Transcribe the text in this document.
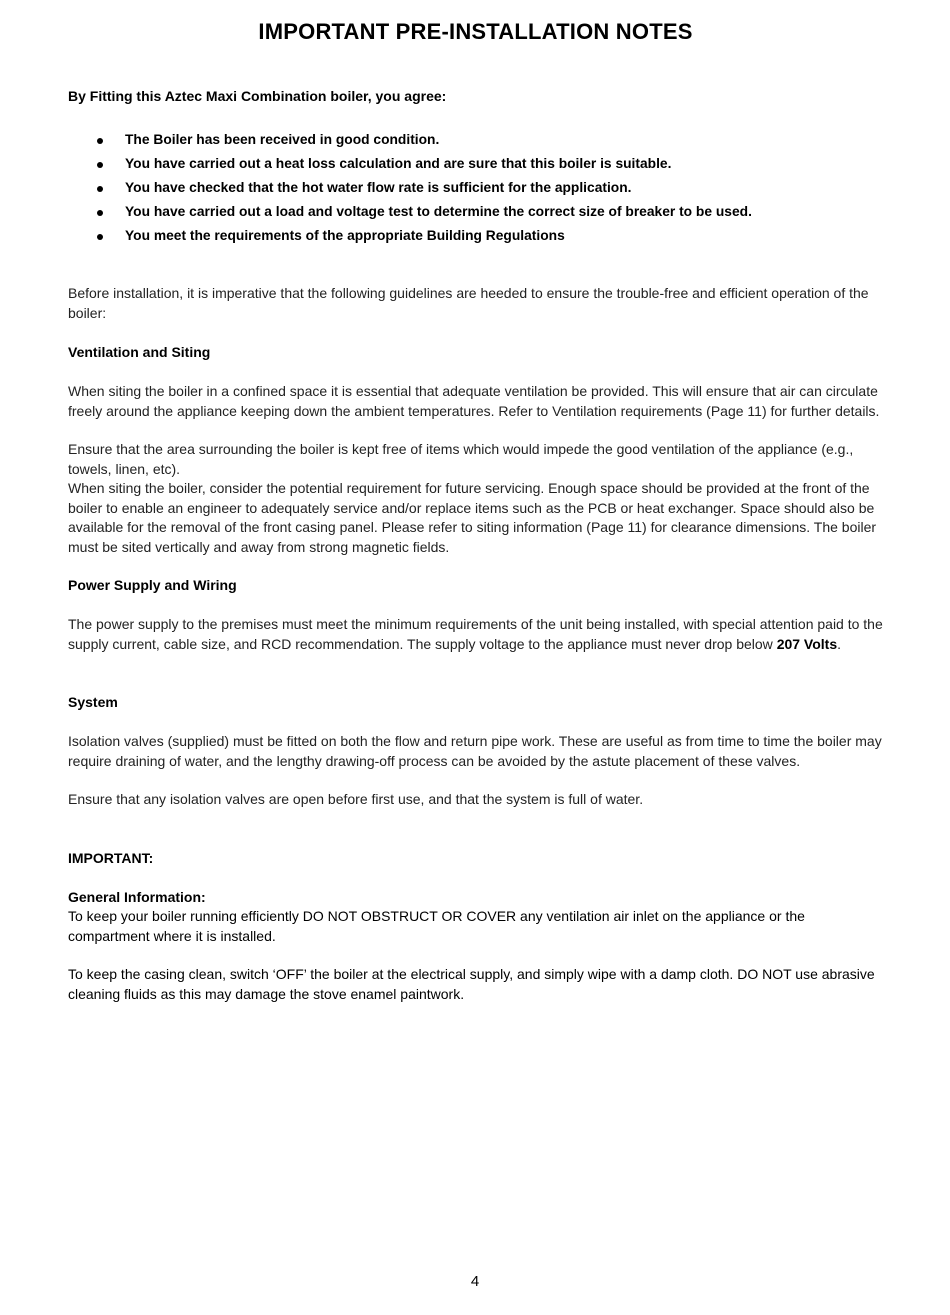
IMPORTANT PRE-INSTALLATION NOTES

By Fitting this Aztec Maxi Combination boiler, you agree:

The Boiler has been received in good condition.
You have carried out a heat loss calculation and are sure that this boiler is suitable.
You have checked that the hot water flow rate is sufficient for the application.
You have carried out a load and voltage test to determine the correct size of breaker to be used.
You meet the requirements of the appropriate Building Regulations

Before installation, it is imperative that the following guidelines are heeded to ensure the trouble-free and efficient operation of the boiler:

Ventilation and Siting

When siting the boiler in a confined space it is essential that adequate ventilation be provided. This will ensure that air can circulate freely around the appliance keeping down the ambient temperatures. Refer to Ventilation requirements (Page 11) for further details.

Ensure that the area surrounding the boiler is kept free of items which would impede the good ventilation of the appliance (e.g., towels, linen, etc).

When siting the boiler, consider the potential requirement for future servicing. Enough space should be provided at the front of the boiler to enable an engineer to adequately service and/or replace items such as the PCB or heat exchanger. Space should also be available for the removal of the front casing panel. Please refer to siting information (Page 11) for clearance dimensions. The boiler must be sited vertically and away from strong magnetic fields.

Power Supply and Wiring

The power supply to the premises must meet the minimum requirements of the unit being installed, with special attention paid to the supply current, cable size, and RCD recommendation. The supply voltage to the appliance must never drop below 207 Volts.

System

Isolation valves (supplied) must be fitted on both the flow and return pipe work. These are useful as from time to time the boiler may require draining of water, and the lengthy drawing-off process can be avoided by the astute placement of these valves.

Ensure that any isolation valves are open before first use, and that the system is full of water.

IMPORTANT:

General Information:

To keep your boiler running efficiently DO NOT OBSTRUCT OR COVER any ventilation air inlet on the appliance or the compartment where it is installed.

To keep the casing clean, switch ‘OFF’ the boiler at the electrical supply, and simply wipe with a damp cloth. DO NOT use abrasive cleaning fluids as this may damage the stove enamel paintwork.

4
